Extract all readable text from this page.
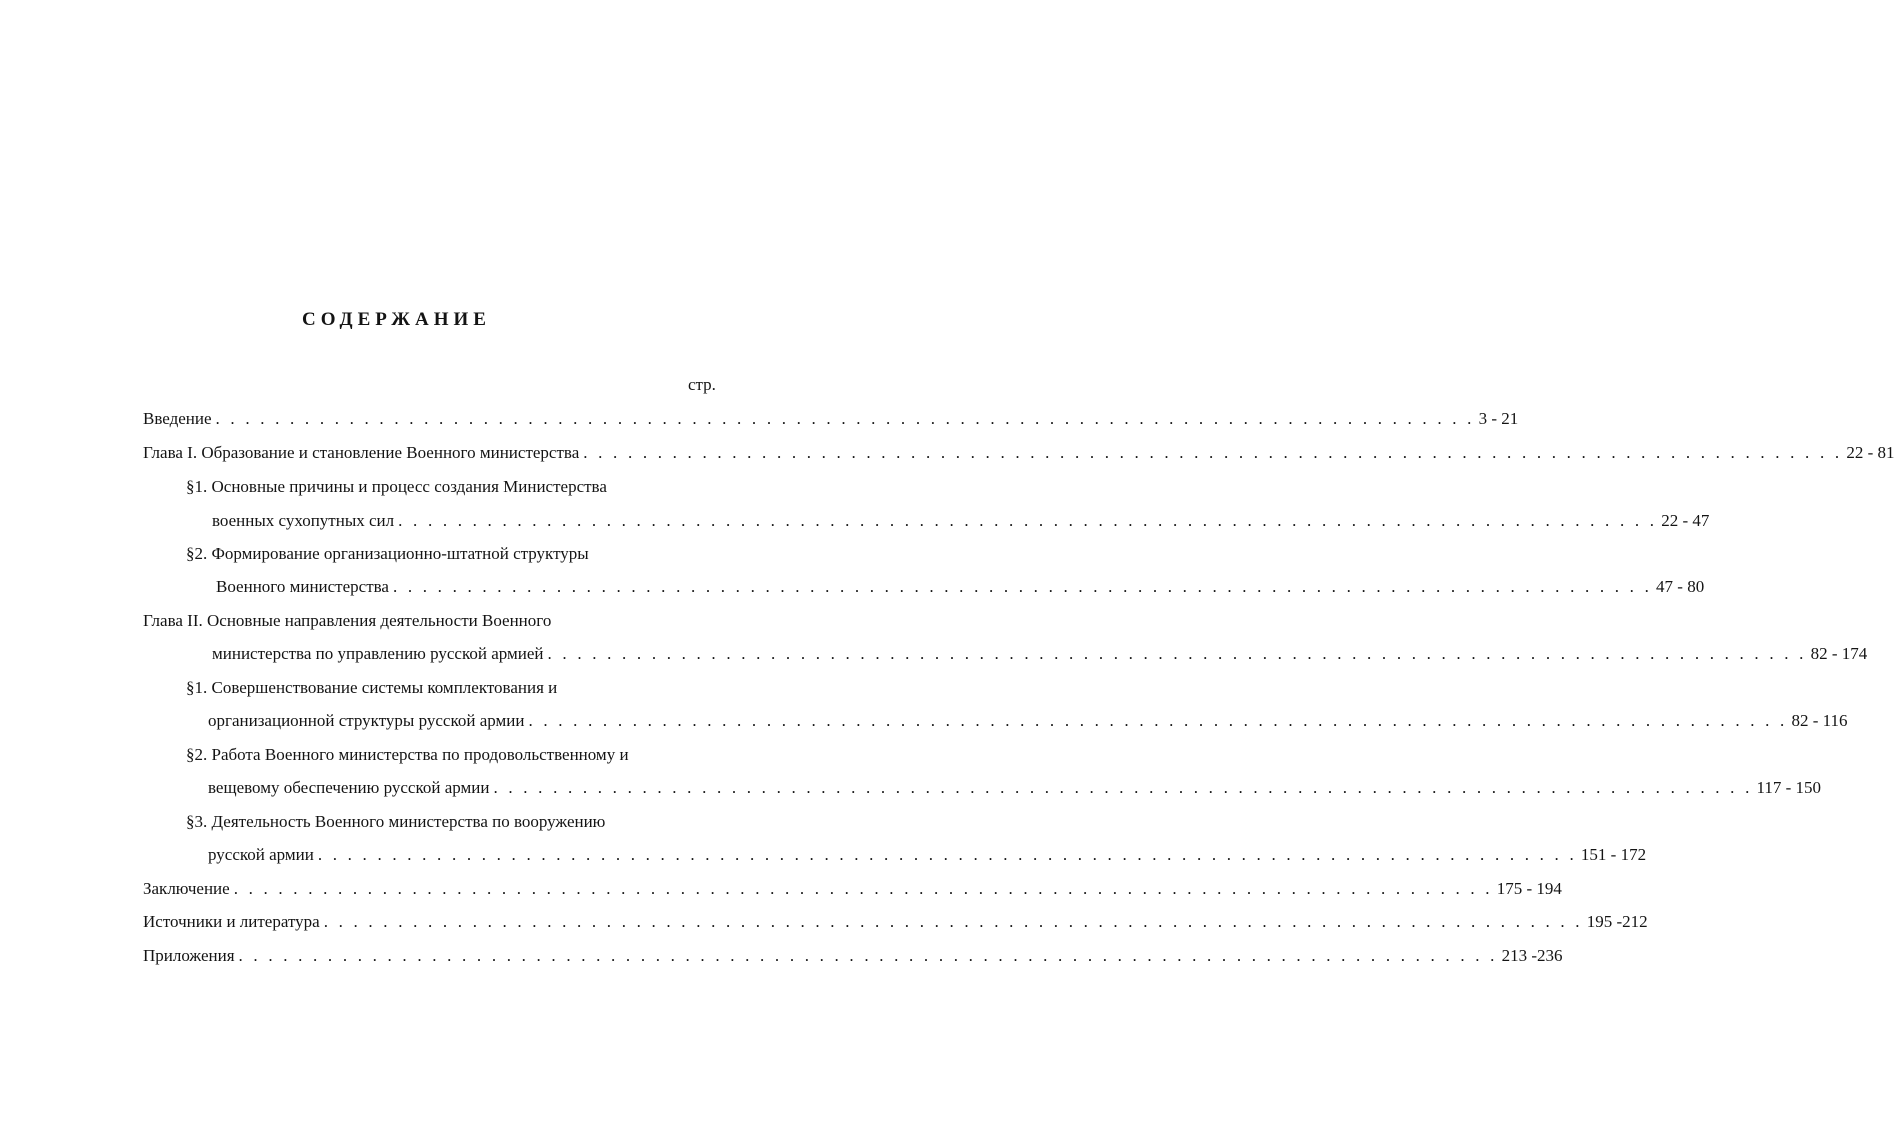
СОДЕРЖАНИЕ
стр.
Введение . . . . . . . . . . . . . . . . . . . . . . . . . . . . . . . . . . . . . . . . . . . . . . . . . . . . . . . . . . . . . . . . . . . . . . . . . . . . . . . . . . . . . 3 - 21
Глава I. Образование и становление Военного министерства . . . . . . . . . . . . . . . . . . . . . . . . . . . . . . . . . . . . . . . . . . . . . . . . . . . . . . . . . . . . . . . . . . . . . . . . . . . . . . . . . . . . . 22 - 81
§1. Основные причины и процесс создания Министерства
военных сухопутных сил . . . . . . . . . . . . . . . . . . . . . . . . . . . . . . . . . . . . . . . . . . . . . . . . . . . . . . . . . . . . . . . . . . . . . . . . . . . . . . . . . . . . . 22 - 47
§2. Формирование организационно-штатной структуры
Военного министерства . . . . . . . . . . . . . . . . . . . . . . . . . . . . . . . . . . . . . . . . . . . . . . . . . . . . . . . . . . . . . . . . . . . . . . . . . . . . . . . . . . . . . 47 - 80
Глава II. Основные направления деятельности Военного
министерства по управлению русской армией . . . . . . . . . . . . . . . . . . . . . . . . . . . . . . . . . . . . . . . . . . . . . . . . . . . . . . . . . . . . . . . . . . . . . . . . . . . . . . . . . . . . . 82 - 174
§1. Совершенствование системы комплектования и
организационной структуры русской армии . . . . . . . . . . . . . . . . . . . . . . . . . . . . . . . . . . . . . . . . . . . . . . . . . . . . . . . . . . . . . . . . . . . . . . . . . . . . . . . . . . . . . 82 - 116
§2. Работа Военного министерства по продовольственному и
вещевому обеспечению русской армии . . . . . . . . . . . . . . . . . . . . . . . . . . . . . . . . . . . . . . . . . . . . . . . . . . . . . . . . . . . . . . . . . . . . . . . . . . . . . . . . . . . . . 117 - 150
§3. Деятельность Военного министерства по вооружению
русской армии . . . . . . . . . . . . . . . . . . . . . . . . . . . . . . . . . . . . . . . . . . . . . . . . . . . . . . . . . . . . . . . . . . . . . . . . . . . . . . . . . . . . . 151 - 172
Заключение . . . . . . . . . . . . . . . . . . . . . . . . . . . . . . . . . . . . . . . . . . . . . . . . . . . . . . . . . . . . . . . . . . . . . . . . . . . . . . . . . . . . . 175 - 194
Источники и литература . . . . . . . . . . . . . . . . . . . . . . . . . . . . . . . . . . . . . . . . . . . . . . . . . . . . . . . . . . . . . . . . . . . . . . . . . . . . . . . . . . . . . 195 -212
Приложения . . . . . . . . . . . . . . . . . . . . . . . . . . . . . . . . . . . . . . . . . . . . . . . . . . . . . . . . . . . . . . . . . . . . . . . . . . . . . . . . . . . . . 213 -236
